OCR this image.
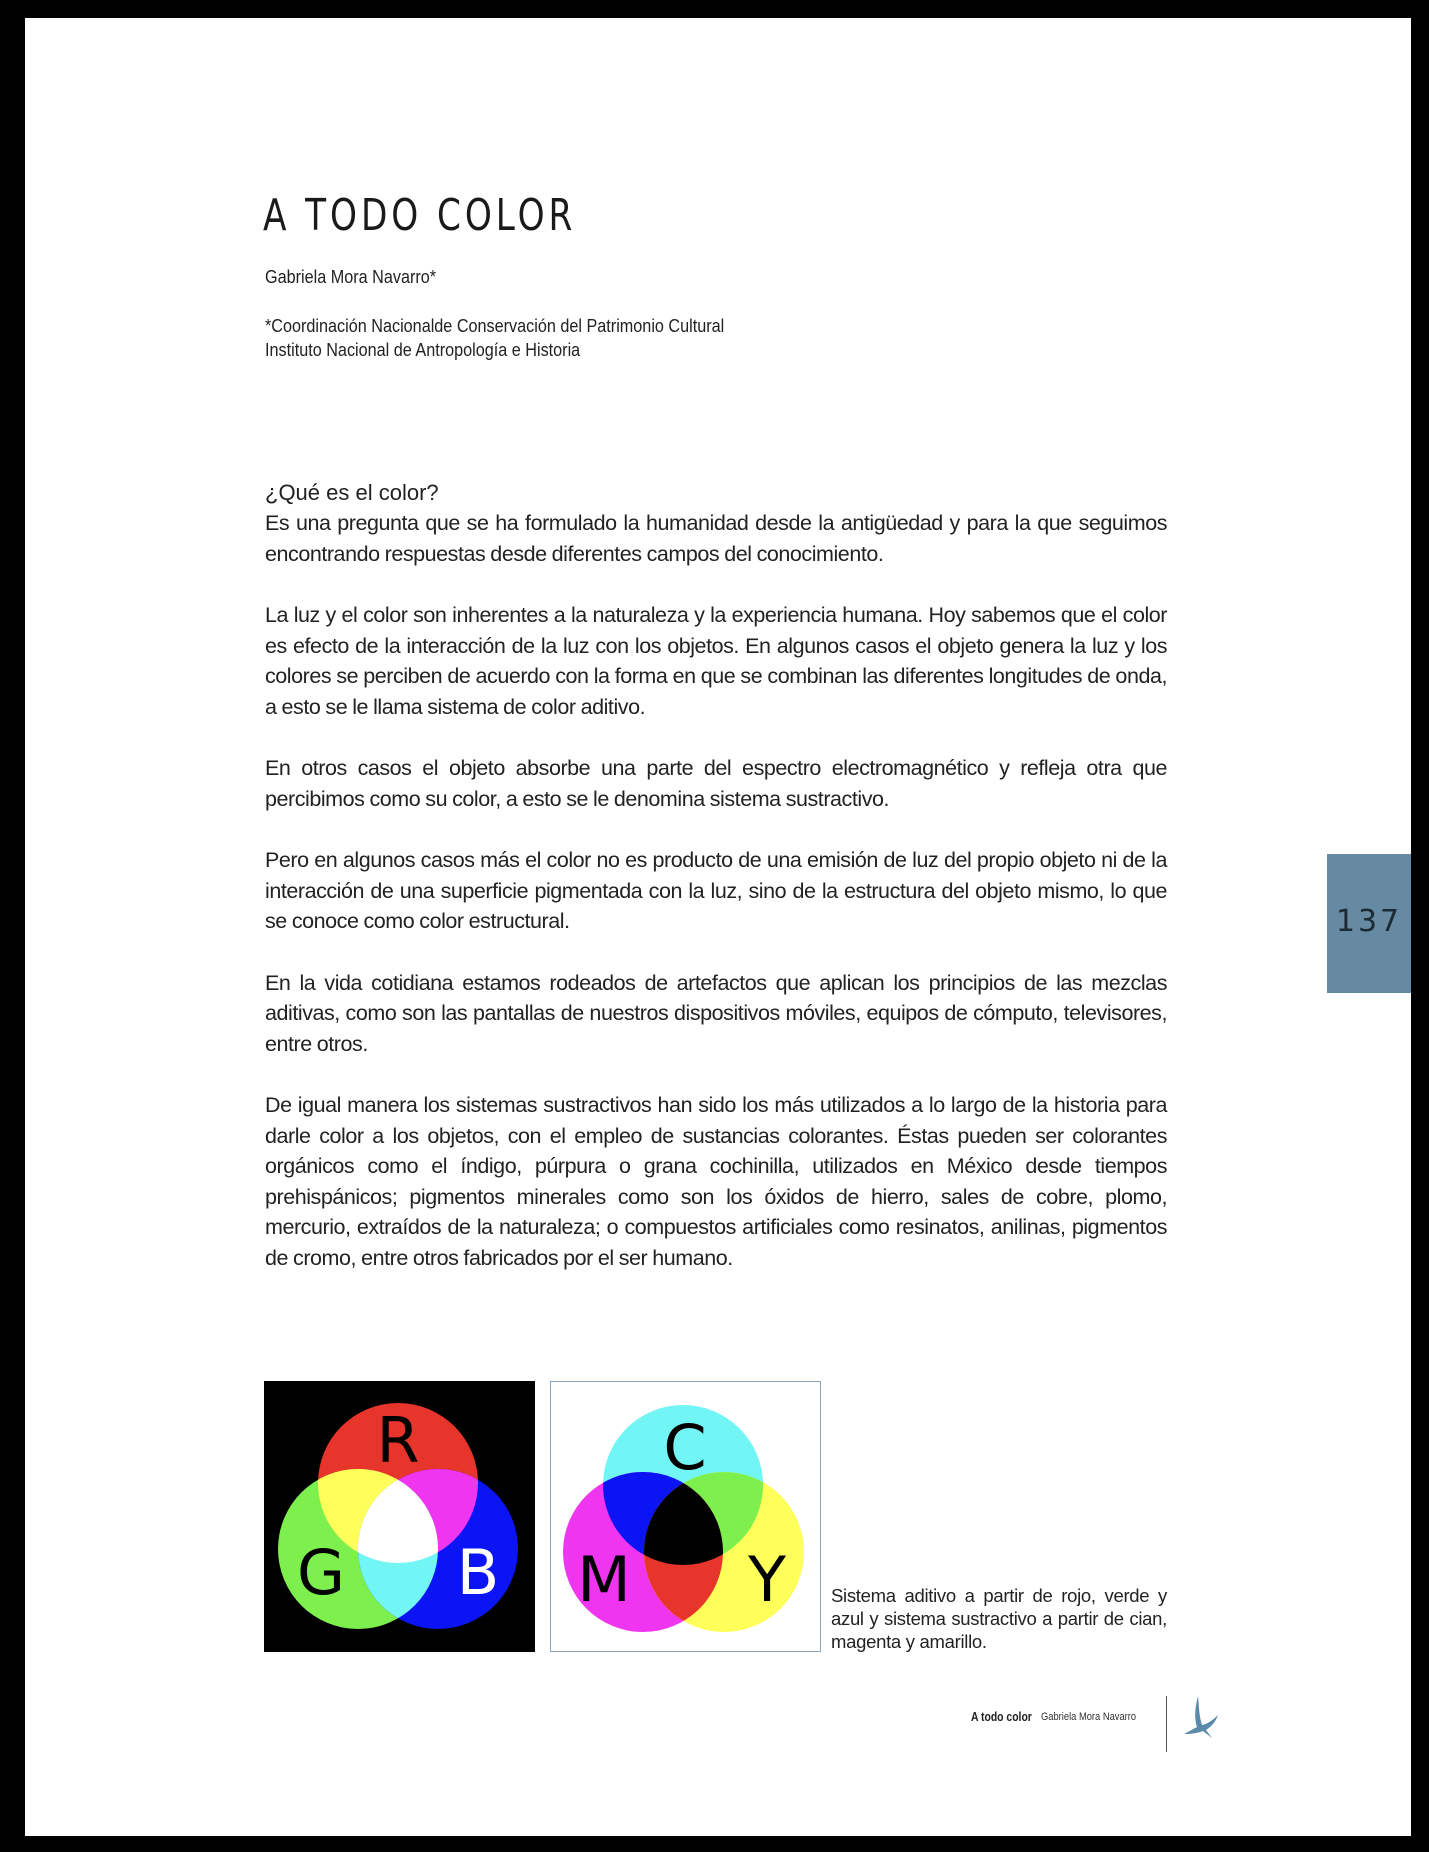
A TODO COLOR
Gabriela Mora Navarro*
*Coordinación Nacionalde Conservación del Patrimonio Cultural
Instituto Nacional de Antropología e Historia

¿Qué es el color?

Es una pregunta que se ha formulado la humanidad desde la antigüedad y para la que seguimos encontrando respuestas desde diferentes campos del conocimiento.

La luz y el color son inherentes a la naturaleza y la experiencia humana. Hoy sabemos que el color es efecto de la interacción de la luz con los objetos. En algunos casos el objeto genera la luz y los colores se perciben de acuerdo con la forma en que se combinan las diferentes longitudes de onda, a esto se le llama sistema de color aditivo.

En otros casos el objeto absorbe una parte del espectro electromagnético y refleja otra que percibimos como su color, a esto se le denomina sistema sustractivo.

Pero en algunos casos más el color no es producto de una emisión de luz del propio objeto ni de la interacción de una superficie pigmentada con la luz, sino de la estructura del objeto mismo, lo que se conoce como color estructural.

En la vida cotidiana estamos rodeados de artefactos que aplican los principios de las mezclas aditivas, como son las pantallas de nuestros dispositivos móviles, equipos de cómputo, televisores, entre otros.

De igual manera los sistemas sustractivos han sido los más utilizados a lo largo de la historia para darle color a los objetos, con el empleo de sustancias colorantes. Éstas pueden ser colorantes orgánicos como el índigo, púrpura o grana cochinilla, utilizados en México desde tiempos prehispánicos; pigmentos minerales como son los óxidos de hierro, sales de cobre, plomo, mercurio, extraídos de la naturaleza; o compuestos artificiales como resinatos, anilinas, pigmentos de cromo, entre otros fabricados por el ser humano.

137
R
G B
C
M Y Sistema aditivo a partir de rojo, verde y azul y sistema sustractivo a partir de cian, magenta y amarillo.
A todo color Gabriela Mora Navarro
